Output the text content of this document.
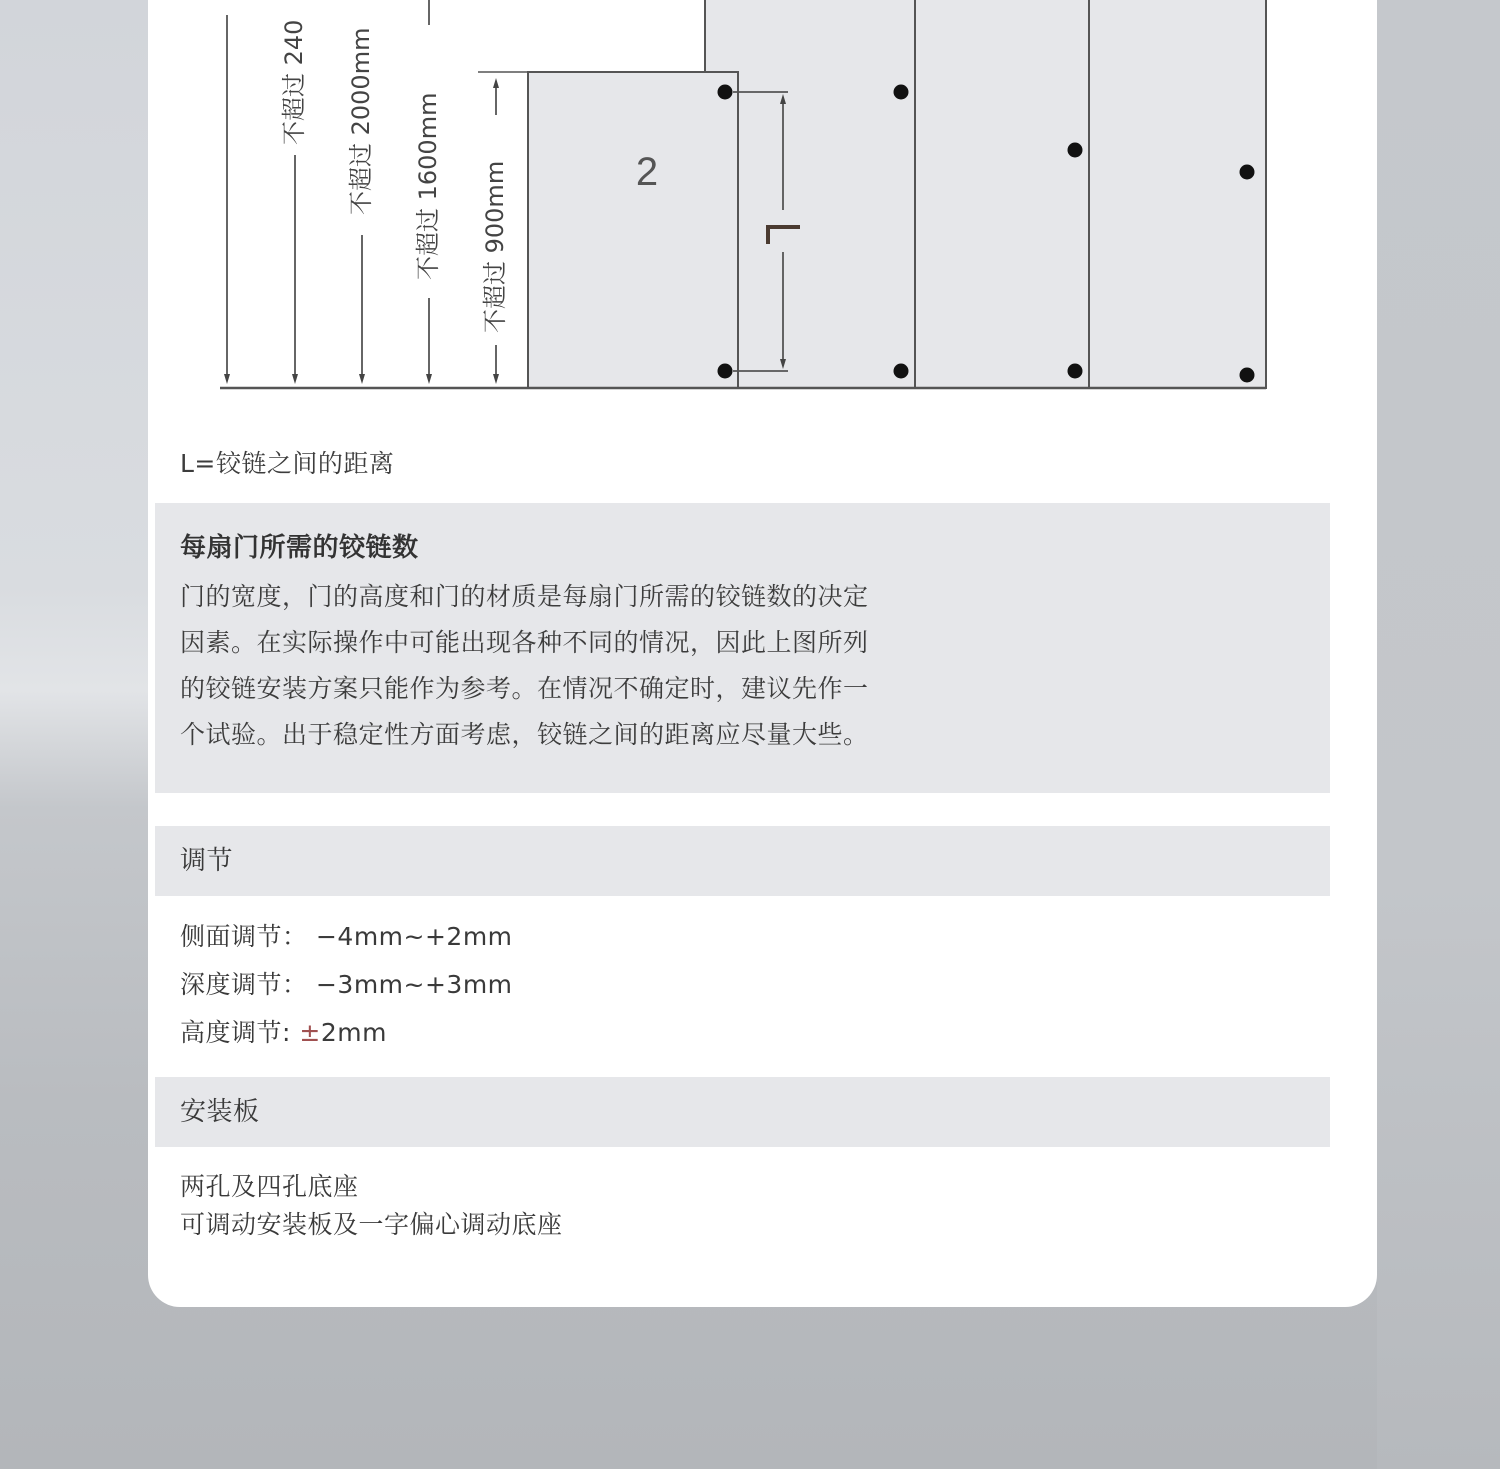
2
不超过 240 不超过 2000mm 不超过 1600mm 不超过 900mm
L=铰链之间的距离
每扇门所需的铰链数
门的宽度，门的高度和门的材质是每扇门所需的铰链数的决定
因素。在实际操作中可能出现各种不同的情况，因此上图所列
的铰链安装方案只能作为参考。在情况不确定时，建议先作一
个试验。出于稳定性方面考虑，铰链之间的距离应尽量大些。
调节
侧面调节： −4mm~+2mm
深度调节： −3mm~+3mm
高度调节: ±2mm
安装板
两孔及四孔底座
可调动安装板及一字偏心调动底座
